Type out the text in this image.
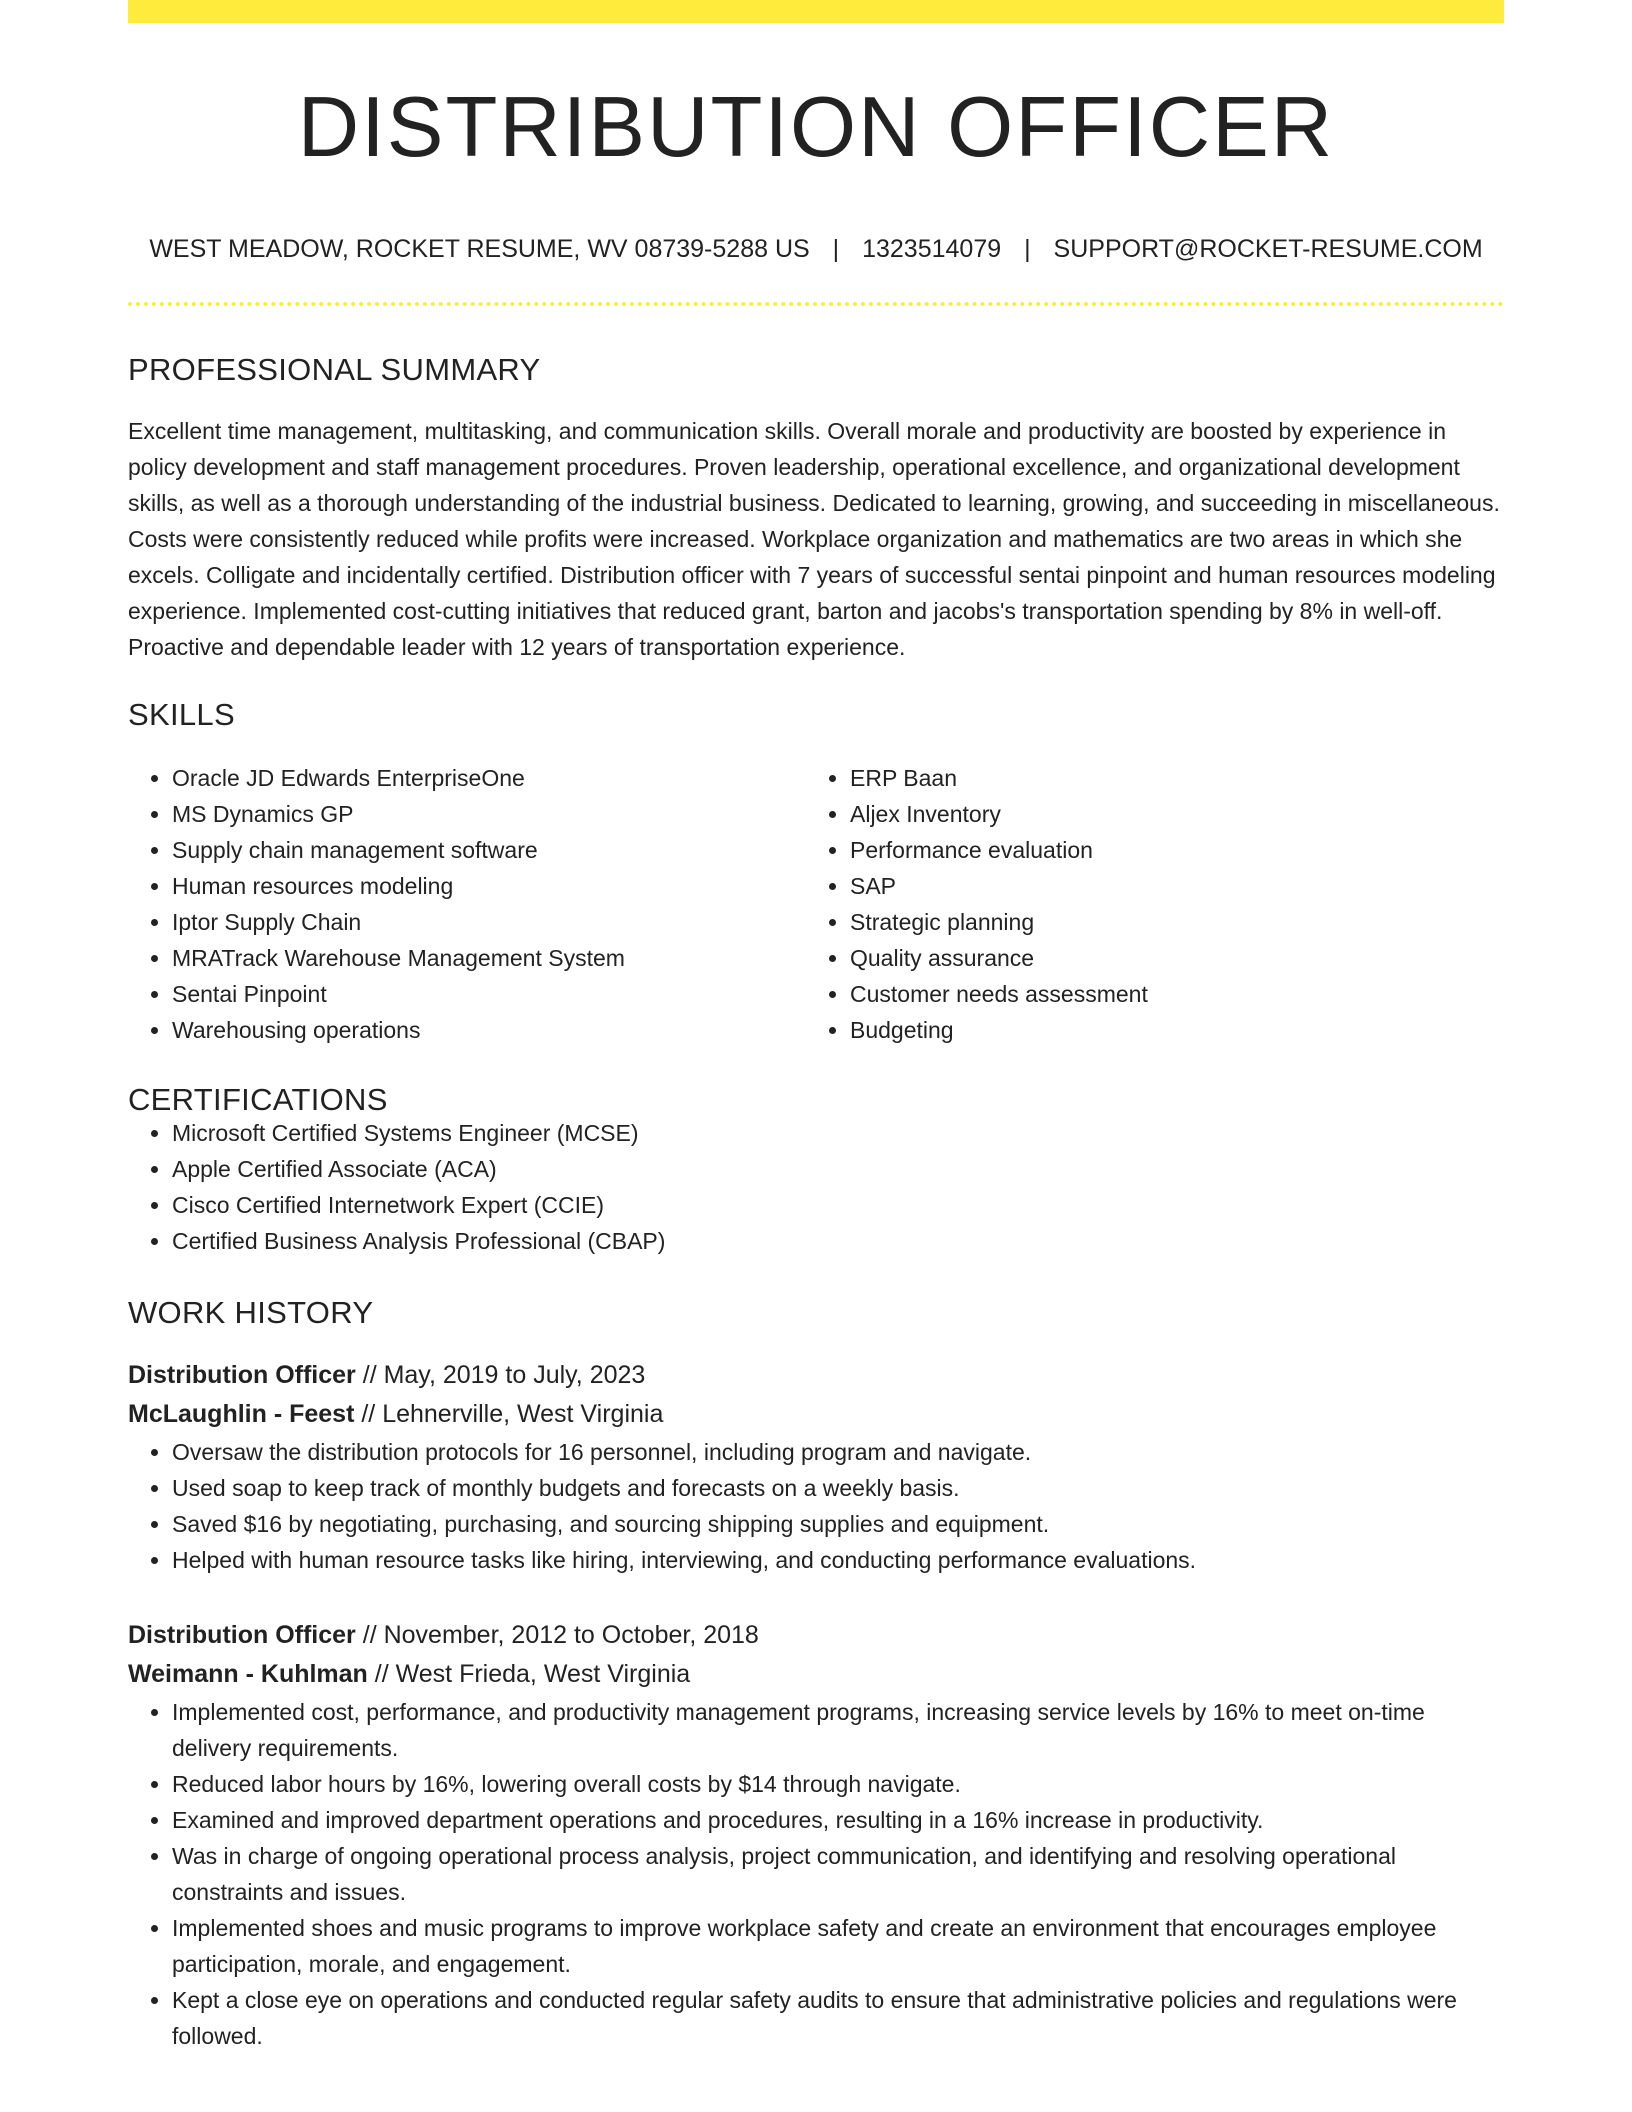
DISTRIBUTION OFFICER
WEST MEADOW, ROCKET RESUME, WV 08739-5288 US | 1323514079 | SUPPORT@ROCKET-RESUME.COM
PROFESSIONAL SUMMARY

Excellent time management, multitasking, and communication skills. Overall morale and productivity are boosted by experience in policy development and staff management procedures. Proven leadership, operational excellence, and organizational development skills, as well as a thorough understanding of the industrial business. Dedicated to learning, growing, and succeeding in miscellaneous. Costs were consistently reduced while profits were increased. Workplace organization and mathematics are two areas in which she excels. Colligate and incidentally certified. Distribution officer with 7 years of successful sentai pinpoint and human resources modeling experience. Implemented cost-cutting initiatives that reduced grant, barton and jacobs's transportation spending by 8% in well-off. Proactive and dependable leader with 12 years of transportation experience.

SKILLS
• Oracle JD Edwards EnterpriseOne
• MS Dynamics GP
• Supply chain management software
• Human resources modeling
• Iptor Supply Chain
• MRATrack Warehouse Management System
• Sentai Pinpoint
• Warehousing operations
• ERP Baan
• Aljex Inventory
• Performance evaluation
• SAP
• Strategic planning
• Quality assurance
• Customer needs assessment
• Budgeting
CERTIFICATIONS
• Microsoft Certified Systems Engineer (MCSE)
• Apple Certified Associate (ACA)
• Cisco Certified Internetwork Expert (CCIE)
• Certified Business Analysis Professional (CBAP)
WORK HISTORY
Distribution Officer // May, 2019 to July, 2023
McLaughlin - Feest // Lehnerville, West Virginia
• Oversaw the distribution protocols for 16 personnel, including program and navigate.
• Used soap to keep track of monthly budgets and forecasts on a weekly basis.
• Saved $16 by negotiating, purchasing, and sourcing shipping supplies and equipment.
• Helped with human resource tasks like hiring, interviewing, and conducting performance evaluations.
Distribution Officer // November, 2012 to October, 2018
Weimann - Kuhlman // West Frieda, West Virginia
• Implemented cost, performance, and productivity management programs, increasing service levels by 16% to meet on-time delivery requirements.
• Reduced labor hours by 16%, lowering overall costs by $14 through navigate.
• Examined and improved department operations and procedures, resulting in a 16% increase in productivity.
• Was in charge of ongoing operational process analysis, project communication, and identifying and resolving operational constraints and issues.
• Implemented shoes and music programs to improve workplace safety and create an environment that encourages employee participation, morale, and engagement.
• Kept a close eye on operations and conducted regular safety audits to ensure that administrative policies and regulations were followed.
